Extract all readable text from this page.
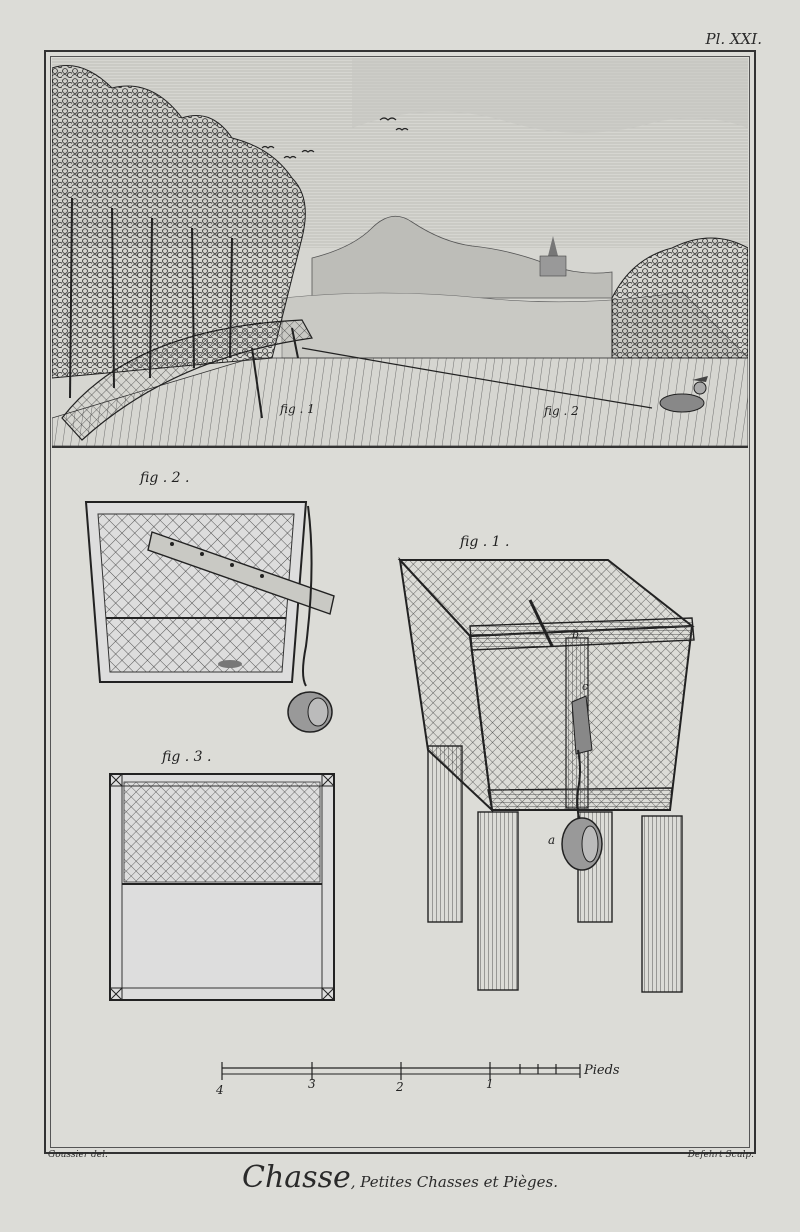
Pl. XXI.
fig . 1	fig . 2
fig . 2 .
fig . 3 .
fig . 1 .
a
b
c
4	3	2	1
Pieds
Goussier del.	Defehrt Sculp.
Chasse, Petites Chasses et Pièges.
